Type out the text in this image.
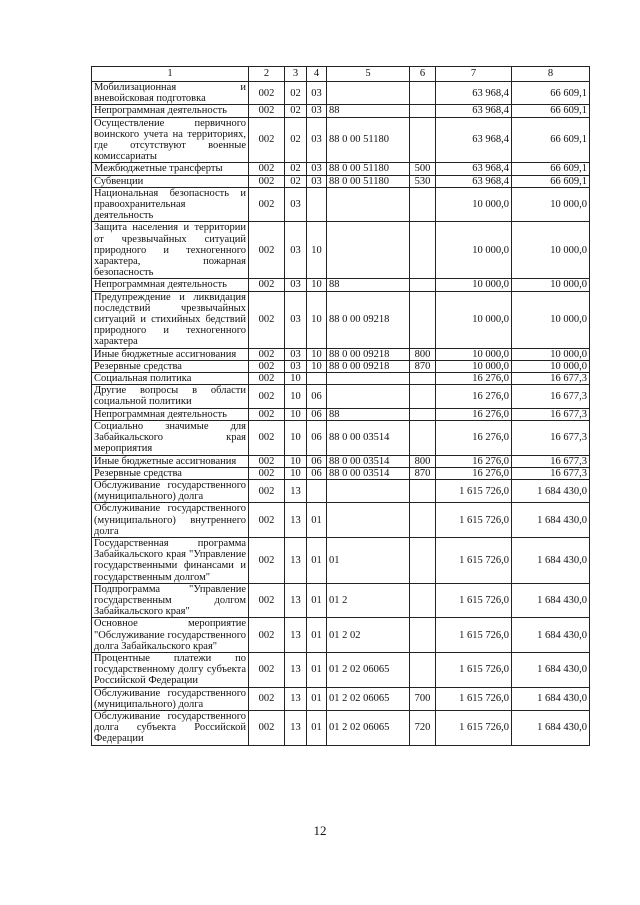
1	2	3	4	5	6	7	8
Мобилизационная и вневойсковая подготовка	002	02	03			63 968,4	66 609,1
Непрограммная деятельность	002	02	03	88		63 968,4	66 609,1
Осуществление первичного воинского учета на территориях, где отсутствуют военные комиссариаты	002	02	03	88 0 00 51180		63 968,4	66 609,1
Межбюджетные трансферты	002	02	03	88 0 00 51180	500	63 968,4	66 609,1
Субвенции	002	02	03	88 0 00 51180	530	63 968,4	66 609,1
Национальная безопасность и правоохранительная деятельность	002	03				10 000,0	10 000,0
Защита населения и территории от чрезвычайных ситуаций природного и техногенного характера, пожарная безопасность	002	03	10			10 000,0	10 000,0
Непрограммная деятельность	002	03	10	88		10 000,0	10 000,0
Предупреждение и ликвидация последствий чрезвычайных ситуаций и стихийных бедствий природного и техногенного характера	002	03	10	88 0 00 09218		10 000,0	10 000,0
Иные бюджетные ассигнования	002	03	10	88 0 00 09218	800	10 000,0	10 000,0
Резервные средства	002	03	10	88 0 00 09218	870	10 000,0	10 000,0
Социальная политика	002	10				16 276,0	16 677,3
Другие вопросы в области социальной политики	002	10	06			16 276,0	16 677,3
Непрограммная деятельность	002	10	06	88		16 276,0	16 677,3
Социально значимые для Забайкальского края мероприятия	002	10	06	88 0 00 03514		16 276,0	16 677,3
Иные бюджетные ассигнования	002	10	06	88 0 00 03514	800	16 276,0	16 677,3
Резервные средства	002	10	06	88 0 00 03514	870	16 276,0	16 677,3
Обслуживание государственного (муниципального) долга	002	13				1 615 726,0	1 684 430,0
Обслуживание государственного (муниципального) внутреннего долга	002	13	01			1 615 726,0	1 684 430,0
Государственная программа Забайкальского края "Управление государственными финансами и государственным долгом"	002	13	01	01		1 615 726,0	1 684 430,0
Подпрограмма "Управление государственным долгом Забайкальского края"	002	13	01	01 2		1 615 726,0	1 684 430,0
Основное мероприятие "Обслуживание государственного долга Забайкальского края"	002	13	01	01 2 02		1 615 726,0	1 684 430,0
Процентные платежи по государственному долгу субъекта Российской Федерации	002	13	01	01 2 02 06065		1 615 726,0	1 684 430,0
Обслуживание государственного (муниципального) долга	002	13	01	01 2 02 06065	700	1 615 726,0	1 684 430,0
Обслуживание государственного долга субъекта Российской Федерации	002	13	01	01 2 02 06065	720	1 615 726,0	1 684 430,0
12
